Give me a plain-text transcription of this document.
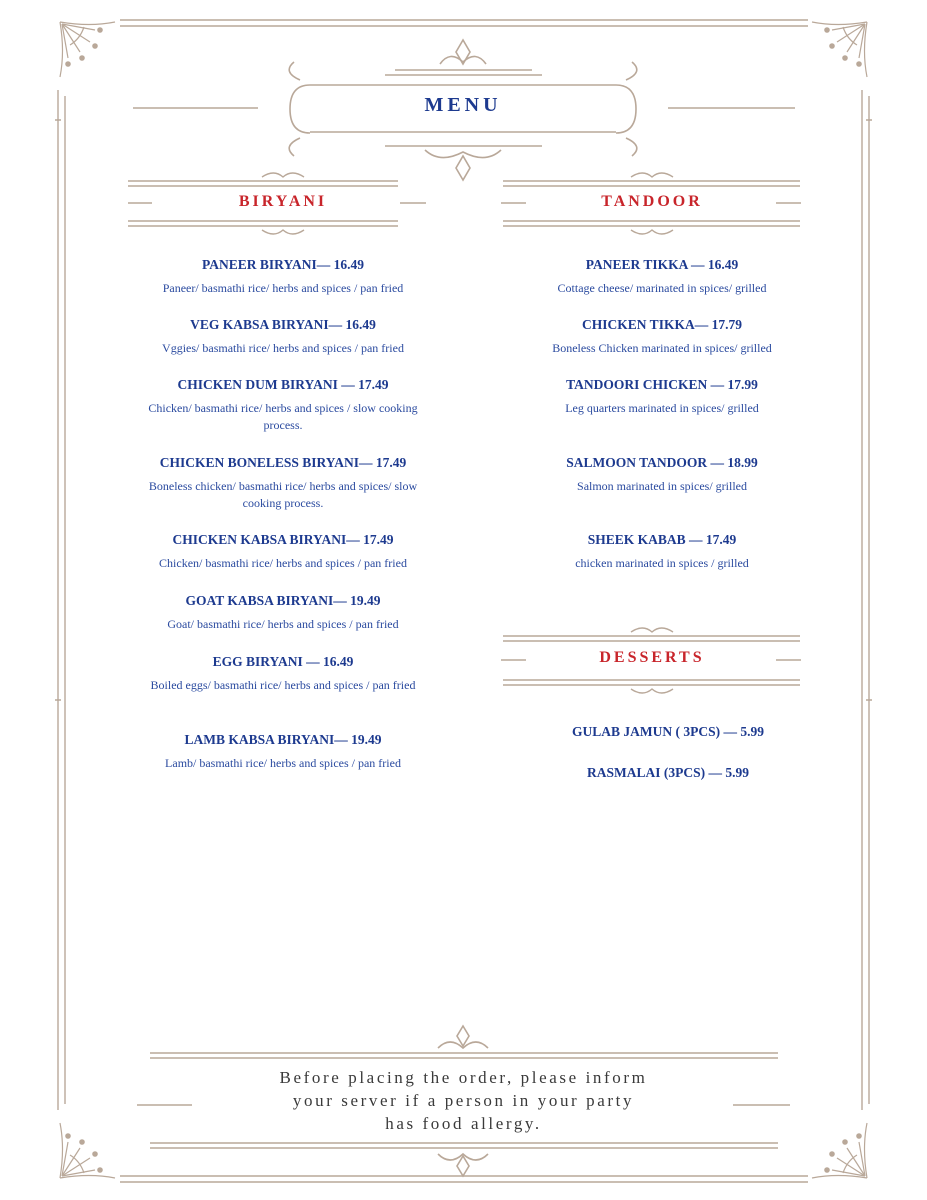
MENU
BIRYANI
PANEER BIRYANI— 16.49
Paneer/ basmathi rice/ herbs and spices / pan fried
VEG KABSA BIRYANI— 16.49
Vggies/ basmathi rice/ herbs and spices / pan fried
CHICKEN DUM BIRYANI — 17.49
Chicken/ basmathi rice/ herbs and spices / slow cooking process.
CHICKEN BONELESS BIRYANI— 17.49
Boneless chicken/ basmathi rice/ herbs and spices/ slow cooking process.
CHICKEN KABSA BIRYANI— 17.49
Chicken/ basmathi rice/ herbs and spices / pan fried
GOAT KABSA BIRYANI— 19.49
Goat/ basmathi rice/ herbs and spices / pan fried
EGG BIRYANI — 16.49
Boiled eggs/ basmathi rice/ herbs and spices / pan fried
LAMB KABSA BIRYANI— 19.49
Lamb/ basmathi rice/ herbs and spices / pan fried
TANDOOR
PANEER TIKKA — 16.49
Cottage cheese/ marinated in spices/ grilled
CHICKEN TIKKA— 17.79
Boneless Chicken marinated in spices/ grilled
TANDOORI CHICKEN — 17.99
Leg quarters marinated in spices/ grilled
SALMOON TANDOOR — 18.99
Salmon marinated in spices/ grilled
SHEEK KABAB — 17.49
chicken marinated in spices / grilled
DESSERTS
GULAB JAMUN ( 3PCS) — 5.99
RASMALAI (3PCS) — 5.99
Before placing the order, please inform
your server if a person in your party
has food allergy.
